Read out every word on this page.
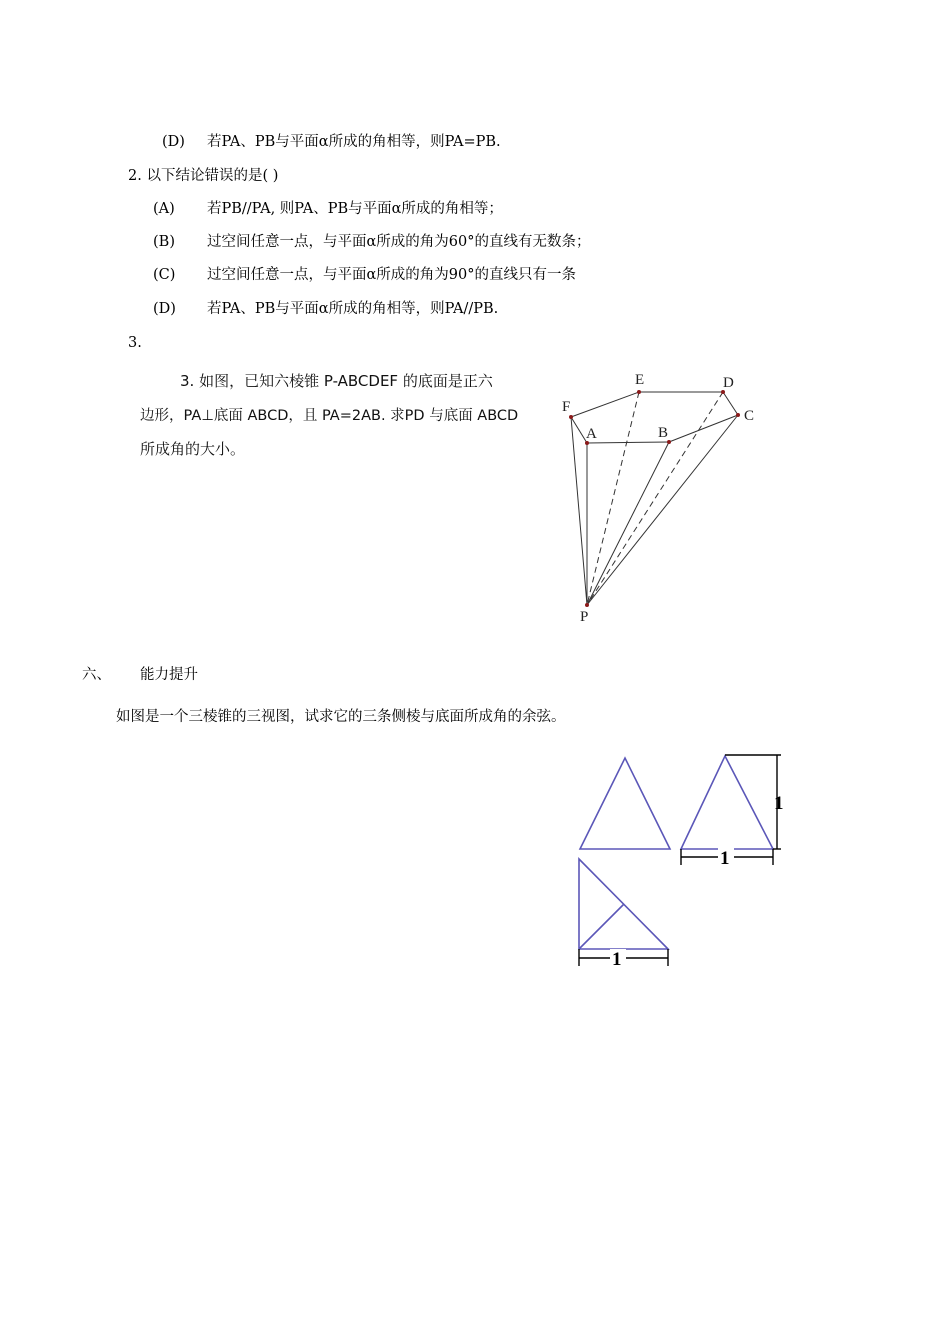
(D) 若PA、PB与平面α所成的角相等，则PA=PB.
2. 以下结论错误的是( )
(A) 若PB//PA, 则PA、PB与平面α所成的角相等；
(B) 过空间任意一点，与平面α所成的角为60°的直线有无数条；
(C) 过空间任意一点，与平面α所成的角为90°的直线只有一条
(D) 若PA、PB与平面α所成的角相等，则PA//PB.
3.
3. 如图，已知六棱锥 P-ABCDEF 的底面是正六
边形，PA⊥底面 ABCD，且 PA=2AB. 求PD 与底面 ABCD
所成角的大小。
E	D
F
A	B
C
P
六、 能力提升
如图是一个三棱锥的三视图，试求它的三条侧棱与底面所成角的余弦。
1
1
1
